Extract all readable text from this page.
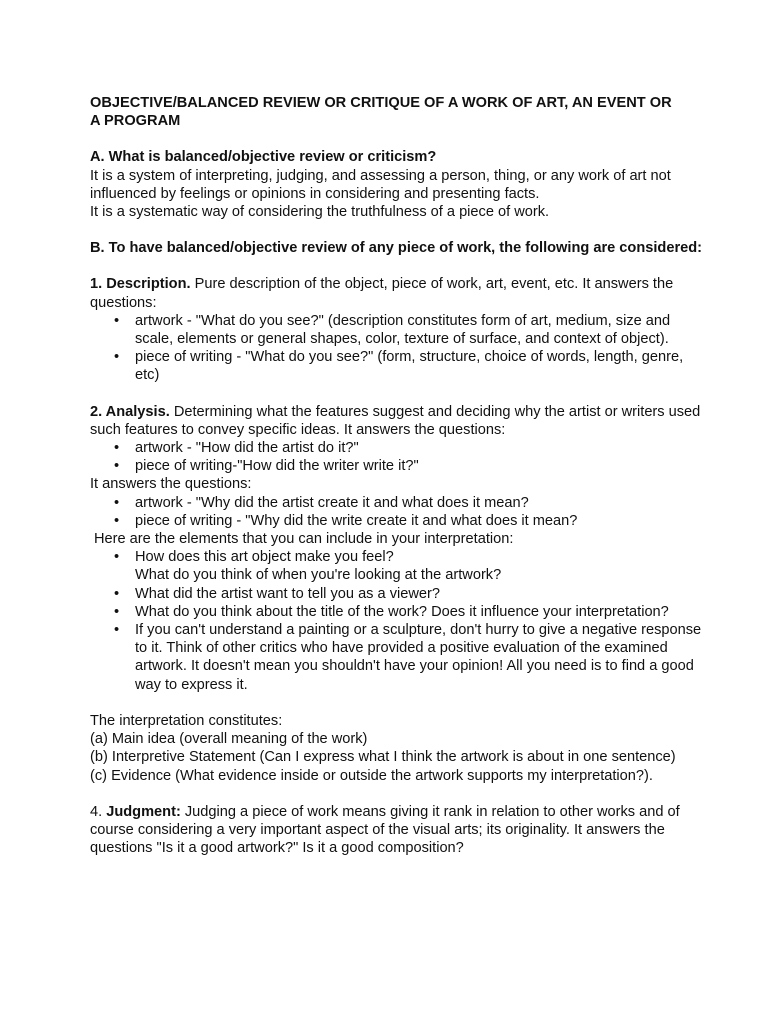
OBJECTIVE/BALANCED REVIEW OR CRITIQUE OF A WORK OF ART, AN EVENT OR A PROGRAM

A. What is balanced/objective review or criticism?

It is a system of interpreting, judging, and assessing a person, thing, or any work of art not influenced by feelings or opinions in considering and presenting facts.

It is a systematic way of considering the truthfulness of a piece of work.

B. To have balanced/objective review of any piece of work, the following are considered:

1. Description. Pure description of the object, piece of work, art, event, etc. It answers the questions:

• artwork - "What do you see?" (description constitutes form of art, medium, size and scale, elements or general shapes, color, texture of surface, and context of object).
• piece of writing - "What do you see?" (form, structure, choice of words, length, genre, etc)

2. Analysis. Determining what the features suggest and deciding why the artist or writers used such features to convey specific ideas. It answers the questions:

• artwork - "How did the artist do it?"
• piece of writing-"How did the writer write it?"

It answers the questions:

• artwork - "Why did the artist create it and what does it mean?
• piece of writing - "Why did the write create it and what does it mean?

Here are the elements that you can include in your interpretation:

• How does this art object make you feel?
What do you think of when you're looking at the artwork?
• What did the artist want to tell you as a viewer?
• What do you think about the title of the work? Does it influence your interpretation?
• If you can't understand a painting or a sculpture, don't hurry to give a negative response to it. Think of other critics who have provided a positive evaluation of the examined artwork. It doesn't mean you shouldn't have your opinion! All you need is to find a good way to express it.

The interpretation constitutes:

(a) Main idea (overall meaning of the work)

(b) Interpretive Statement (Can I express what I think the artwork is about in one sentence)

(c) Evidence (What evidence inside or outside the artwork supports my interpretation?).

4. Judgment: Judging a piece of work means giving it rank in relation to other works and of course considering a very important aspect of the visual arts; its originality. It answers the questions "Is it a good artwork?" Is it a good composition?
